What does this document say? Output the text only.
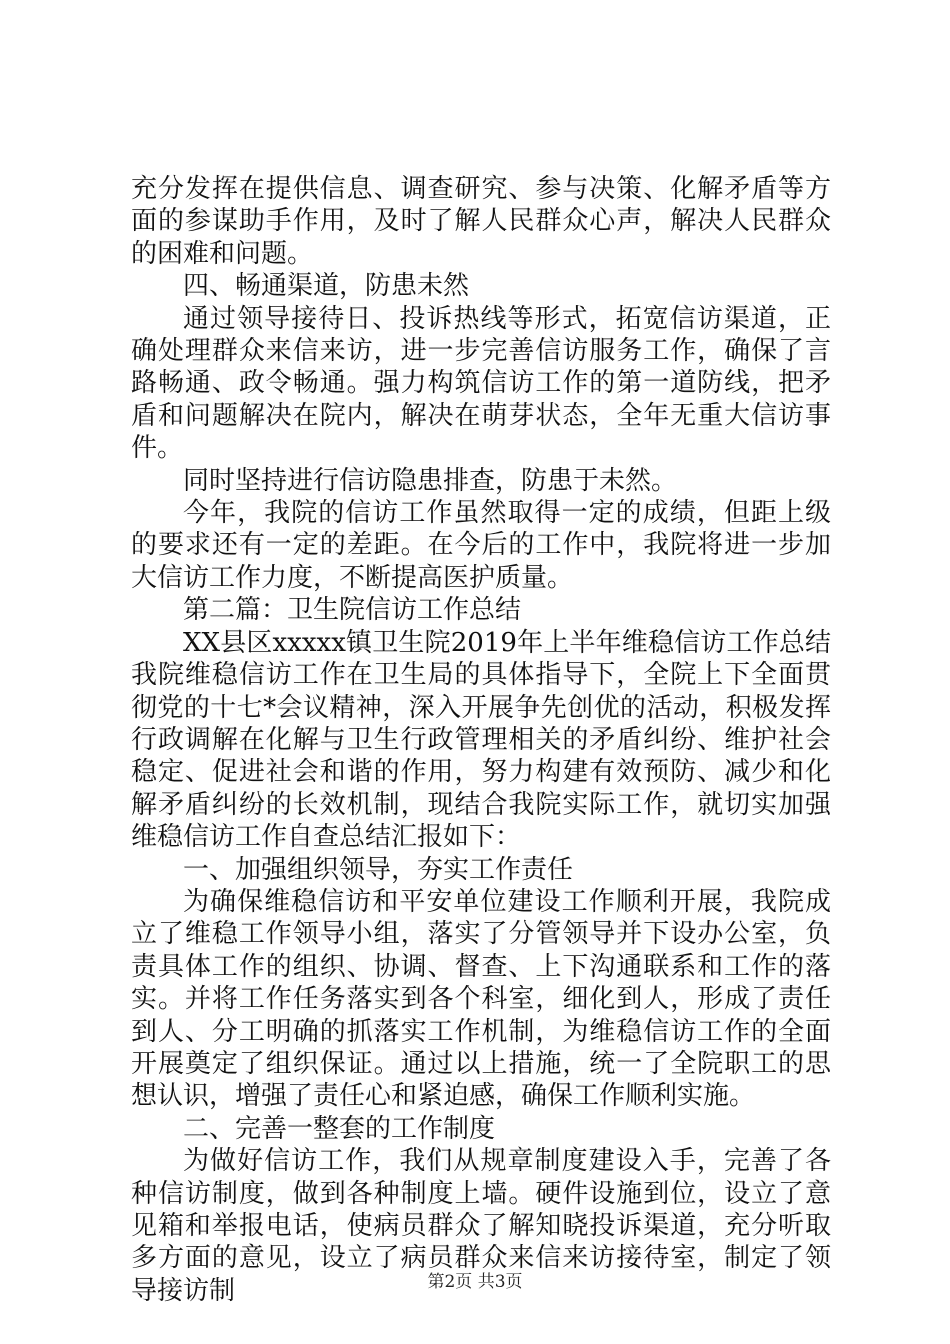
充分发挥在提供信息、调查研究、参与决策、化解矛盾等方面的参谋助手作用，及时了解人民群众心声，解决人民群众的困难和问题。

四、畅通渠道，防患未然

通过领导接待日、投诉热线等形式，拓宽信访渠道，正确处理群众来信来访，进一步完善信访服务工作，确保了言路畅通、政令畅通。强力构筑信访工作的第一道防线，把矛盾和问题解决在院内，解决在萌芽状态，全年无重大信访事件。

同时坚持进行信访隐患排查，防患于未然。

今年，我院的信访工作虽然取得一定的成绩，但距上级的要求还有一定的差距。在今后的工作中，我院将进一步加大信访工作力度，不断提高医护质量。

第二篇：卫生院信访工作总结

XX县区xxxxx镇卫生院2019年上半年维稳信访工作总结我院维稳信访工作在卫生局的具体指导下，全院上下全面贯彻党的十七*会议精神，深入开展争先创优的活动，积极发挥行政调解在化解与卫生行政管理相关的矛盾纠纷、维护社会稳定、促进社会和谐的作用，努力构建有效预防、减少和化解矛盾纠纷的长效机制，现结合我院实际工作，就切实加强维稳信访工作自查总结汇报如下：

一、加强组织领导，夯实工作责任

为确保维稳信访和平安单位建设工作顺利开展，我院成立了维稳工作领导小组，落实了分管领导并下设办公室，负责具体工作的组织、协调、督查、上下沟通联系和工作的落实。并将工作任务落实到各个科室，细化到人，形成了责任到人、分工明确的抓落实工作机制，为维稳信访工作的全面开展奠定了组织保证。通过以上措施，统一了全院职工的思想认识，增强了责任心和紧迫感，确保工作顺利实施。

二、完善一整套的工作制度

为做好信访工作，我们从规章制度建设入手，完善了各种信访制度，做到各种制度上墙。硬件设施到位，设立了意见箱和举报电话，使病员群众了解知晓投诉渠道，充分听取多方面的意见，设立了病员群众来信来访接待室，制定了领导接访制	第2页 共3页
